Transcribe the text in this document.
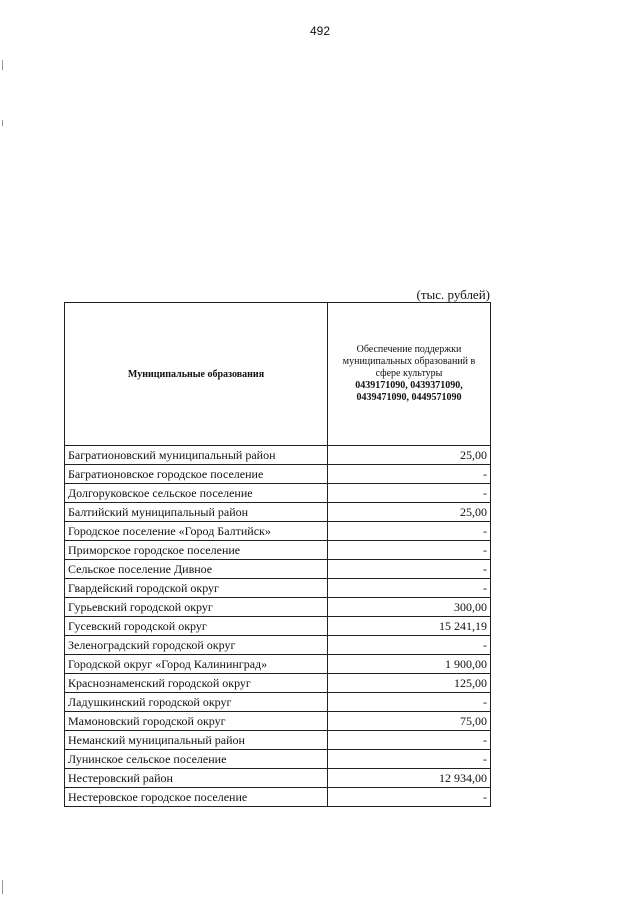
492
(тыс. рублей)
Муниципальные образования	Обеспечение поддержки
муниципальных образований в
сфере культуры
0439171090, 0439371090,
0439471090, 0449571090

Багратионовский муниципальный район	25,00
Багратионовское городское поселение	-
Долгоруковское сельское поселение	-
Балтийский муниципальный район	25,00
Городское поселение «Город Балтийск»	-
Приморское городское поселение	-
Сельское поселение Дивное	-
Гвардейский городской округ	-
Гурьевский городской округ	300,00
Гусевский городской округ	15 241,19
Зеленоградский городской округ	-
Городской округ «Город Калининград»	1 900,00
Краснознаменский городской округ	125,00
Ладушкинский городской округ	-
Мамоновский городской округ	75,00
Неманский муниципальный район	-
Лунинское сельское поселение	-
Нестеровский район	12 934,00
Нестеровское городское поселение	-
